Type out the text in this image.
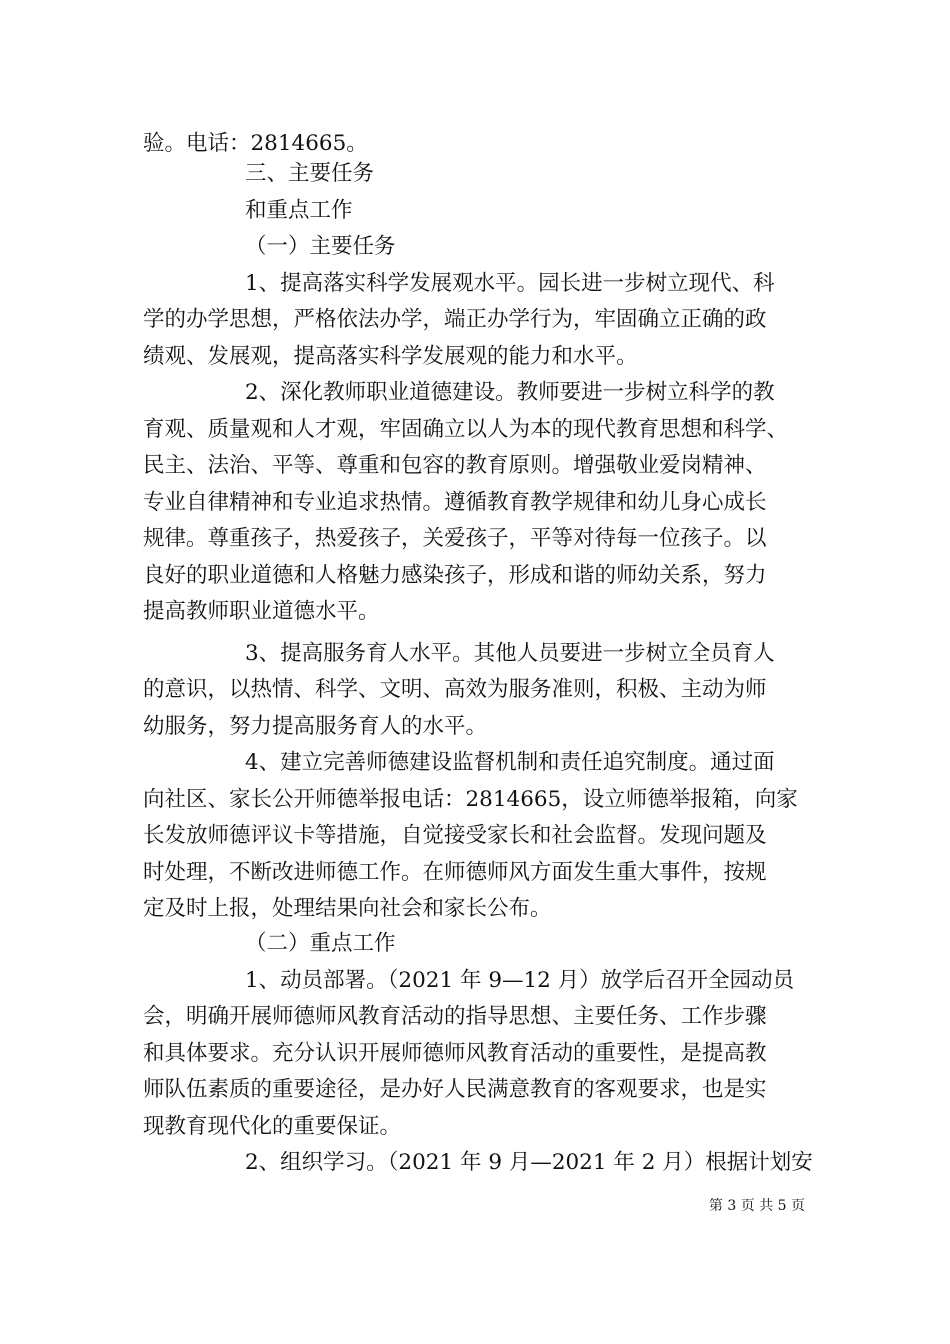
验。电话：2814665。
三、主要任务
和重点工作
（一）主要任务
1、提高落实科学发展观水平。园长进一步树立现代、科
学的办学思想，严格依法办学，端正办学行为，牢固确立正确的政
绩观、发展观，提高落实科学发展观的能力和水平。
2、深化教师职业道德建设。教师要进一步树立科学的教
育观、质量观和人才观，牢固确立以人为本的现代教育思想和科学、
民主、法治、平等、尊重和包容的教育原则。增强敬业爱岗精神、
专业自律精神和专业追求热情。遵循教育教学规律和幼儿身心成长
规律。尊重孩子，热爱孩子，关爱孩子，平等对待每一位孩子。以
良好的职业道德和人格魅力感染孩子，形成和谐的师幼关系，努力
提高教师职业道德水平。
3、提高服务育人水平。其他人员要进一步树立全员育人
的意识，以热情、科学、文明、高效为服务准则，积极、主动为师
幼服务，努力提高服务育人的水平。
4、建立完善师德建设监督机制和责任追究制度。通过面
向社区、家长公开师德举报电话：2814665，设立师德举报箱，向家
长发放师德评议卡等措施，自觉接受家长和社会监督。发现问题及
时处理，不断改进师德工作。在师德师风方面发生重大事件，按规
定及时上报，处理结果向社会和家长公布。
（二）重点工作
1、动员部署。（2021 年 9—12 月）放学后召开全园动员
会，明确开展师德师风教育活动的指导思想、主要任务、工作步骤
和具体要求。充分认识开展师德师风教育活动的重要性，是提高教
师队伍素质的重要途径，是办好人民满意教育的客观要求，也是实
现教育现代化的重要保证。
2、组织学习。（2021 年 9 月—2021 年 2 月）根据计划安
第 3 页 共 5 页
